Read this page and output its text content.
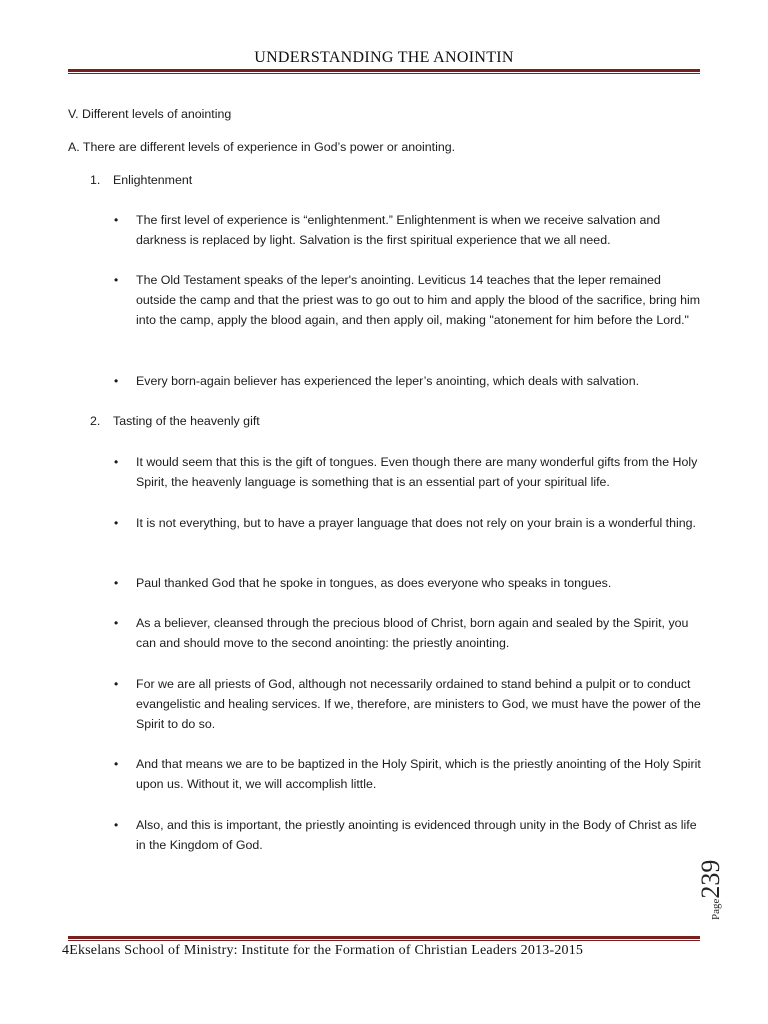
UNDERSTANDING THE ANOINTIN
V. Different levels of anointing
A. There are different levels of experience in God’s power or anointing.
1. Enlightenment
• The first level of experience is “enlightenment.” Enlightenment is when we receive salvation and darkness is replaced by light. Salvation is the first spiritual experience that we all need.
• The Old Testament speaks of the leper's anointing. Leviticus 14 teaches that the leper remained outside the camp and that the priest was to go out to him and apply the blood of the sacrifice, bring him into the camp, apply the blood again, and then apply oil, making "atonement for him before the Lord."
• Every born-again believer has experienced the leper’s anointing, which deals with salvation.
2. Tasting of the heavenly gift
• It would seem that this is the gift of tongues. Even though there are many wonderful gifts from the Holy Spirit, the heavenly language is something that is an essential part of your spiritual life.
• It is not everything, but to have a prayer language that does not rely on your brain is a wonderful thing.
• Paul thanked God that he spoke in tongues, as does everyone who speaks in tongues.
• As a believer, cleansed through the precious blood of Christ, born again and sealed by the Spirit, you can and should move to the second anointing: the priestly anointing.
• For we are all priests of God, although not necessarily ordained to stand behind a pulpit or to conduct evangelistic and healing services. If we, therefore, are ministers to God, we must have the power of the Spirit to do so.
• And that means we are to be baptized in the Holy Spirit, which is the priestly anointing of the Holy Spirit upon us. Without it, we will accomplish little.
• Also, and this is important, the priestly anointing is evidenced through unity in the Body of Christ as life in the Kingdom of God.
Page239
4Ekselans School of Ministry: Institute for the Formation of Christian Leaders 2013-2015
